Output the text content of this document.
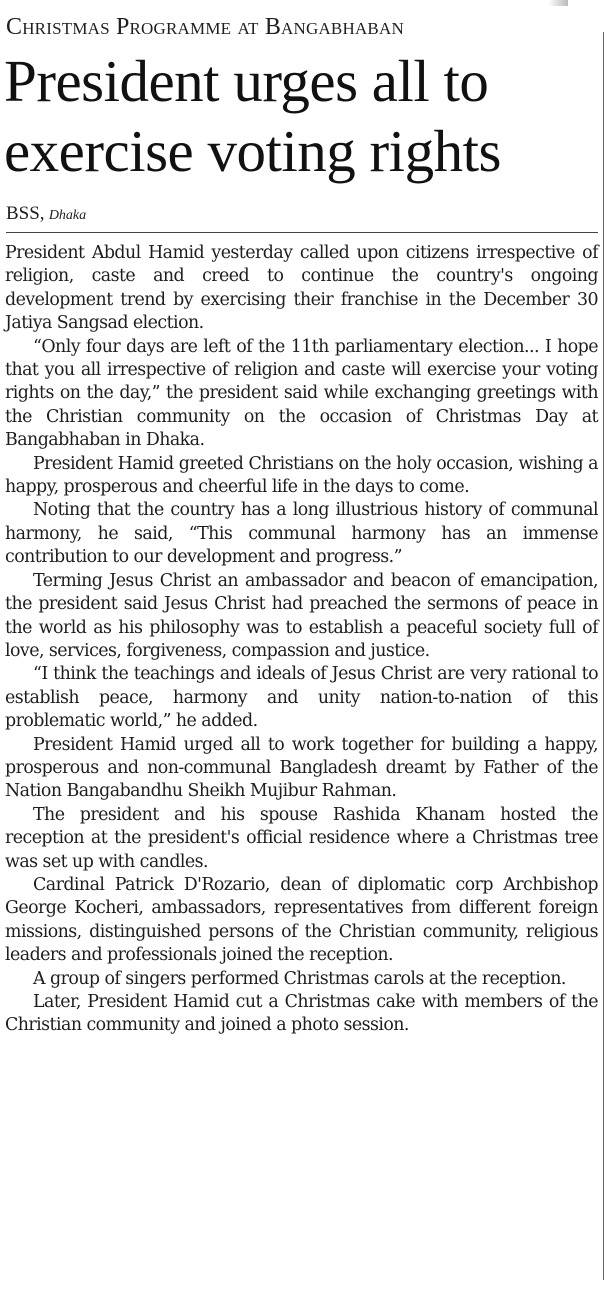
Christmas Programme at Bangabhaban
President urges all to
exercise voting rights
BSS, Dhaka

President Abdul Hamid yesterday called upon citizens irrespective of religion, caste and creed to continue the country's ongoing development trend by exercising their franchise in the December 30 Jatiya Sangsad election.

“Only four days are left of the 11th parliamentary election... I hope that you all irrespective of religion and caste will exercise your voting rights on the day,” the president said while exchanging greetings with the Christian community on the occasion of Christmas Day at Bangabhaban in Dhaka.

President Hamid greeted Christians on the holy occasion, wishing a happy, prosperous and cheerful life in the days to come.

Noting that the country has a long illustrious history of communal harmony, he said, “This communal harmony has an immense contribution to our development and progress.”

Terming Jesus Christ an ambassador and beacon of emancipation, the president said Jesus Christ had preached the sermons of peace in the world as his philosophy was to establish a peaceful society full of love, services, forgiveness, compassion and justice.

“I think the teachings and ideals of Jesus Christ are very rational to establish peace, harmony and unity nation-to-nation of this problematic world,” he added.

President Hamid urged all to work together for building a happy, prosperous and non-communal Bangladesh dreamt by Father of the Nation Bangabandhu Sheikh Mujibur Rahman.

The president and his spouse Rashida Khanam hosted the reception at the president's official residence where a Christmas tree was set up with candles.

Cardinal Patrick D'Rozario, dean of diplomatic corp Archbishop George Kocheri, ambassadors, representatives from different foreign missions, distinguished persons of the Christian community, religious leaders and professionals joined the reception.

A group of singers performed Christmas carols at the reception.

Later, President Hamid cut a Christmas cake with members of the Christian community and joined a photo session.
